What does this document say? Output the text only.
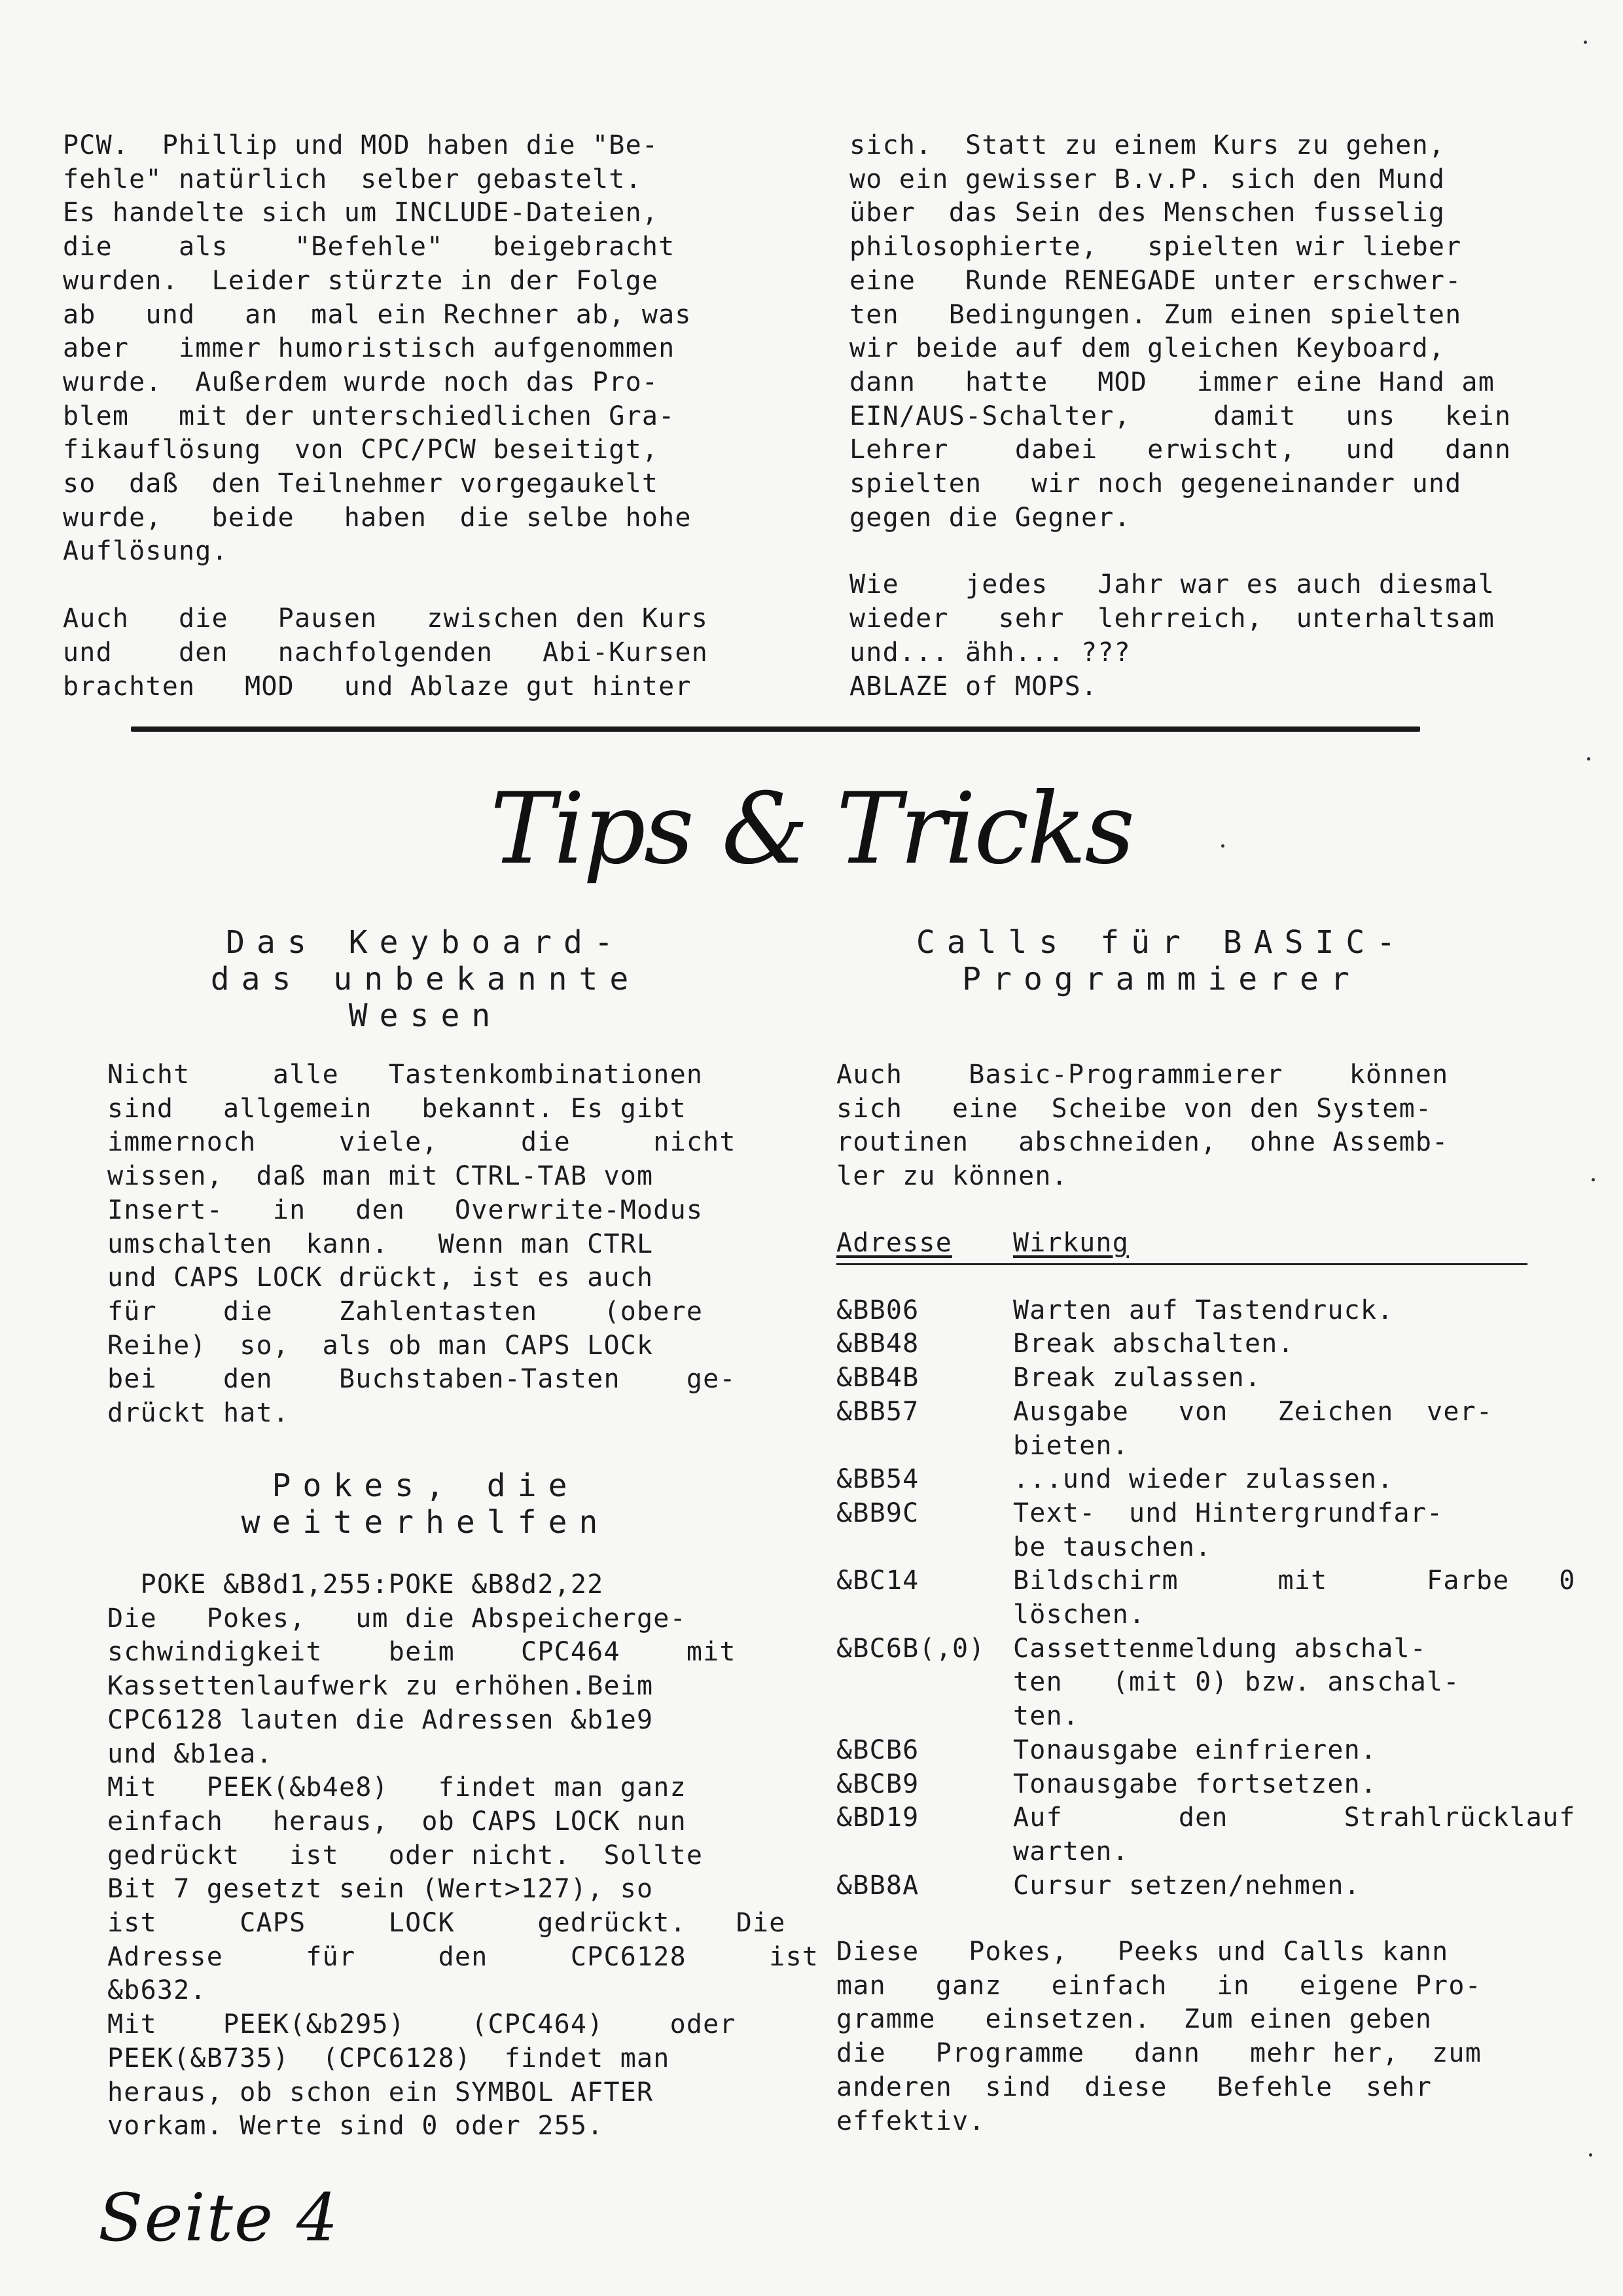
PCW.  Phillip und MOD haben die "Be-

fehle" natürlich  selber gebastelt.

Es handelte sich um INCLUDE-Dateien,

die    als    "Befehle"   beigebracht

wurden.  Leider stürzte in der Folge

ab   und   an  mal ein Rechner ab, was

aber   immer humoristisch aufgenommen

wurde.  Außerdem wurde noch das Pro-

blem   mit der unterschiedlichen Gra-

fikauflösung  von CPC/PCW beseitigt,

so  daß  den Teilnehmer vorgegaukelt

wurde,   beide   haben  die selbe hohe

Auflösung.

Auch   die   Pausen   zwischen den Kurs

und    den   nachfolgenden   Abi-Kursen

brachten   MOD   und Ablaze gut hinter

sich.  Statt zu einem Kurs zu gehen,

wo ein gewisser B.v.P. sich den Mund

über  das Sein des Menschen fusselig

philosophierte,   spielten wir lieber

eine   Runde RENEGADE unter erschwer-

ten   Bedingungen. Zum einen spielten

wir beide auf dem gleichen Keyboard,

dann   hatte   MOD   immer eine Hand am

EIN/AUS-Schalter,     damit   uns   kein

Lehrer    dabei   erwischt,   und   dann

spielten   wir noch gegeneinander und

gegen die Gegner.

Wie    jedes   Jahr war es auch diesmal

wieder   sehr  lehrreich,  unterhaltsam

und... ähh... ???

ABLAZE of MOPS.

Tips & Tricks

Das Keyboard-

das unbekannte

Wesen

Nicht     alle   Tastenkombinationen

sind   allgemein   bekannt. Es gibt

immernoch     viele,     die     nicht

wissen,  daß man mit CTRL-TAB vom

Insert-   in   den   Overwrite-Modus

umschalten  kann.   Wenn man CTRL

und CAPS LOCK drückt, ist es auch

für    die    Zahlentasten    (obere

Reihe)  so,  als ob man CAPS LOCk

bei    den    Buchstaben-Tasten    ge-

drückt hat.

Pokes, die

weiterhelfen

POKE &B8d1,255:POKE &B8d2,22

Die   Pokes,   um die Abspeicherge-

schwindigkeit    beim    CPC464    mit

Kassettenlaufwerk zu erhöhen.Beim

CPC6128 lauten die Adressen &b1e9

und &b1ea.

Mit   PEEK(&b4e8)   findet man ganz

einfach   heraus,  ob CAPS LOCK nun

gedrückt   ist   oder nicht.  Sollte

Bit 7 gesetzt sein (Wert>127), so

ist     CAPS     LOCK     gedrückt.   Die

Adresse     für     den     CPC6128     ist

&b632.

Mit    PEEK(&b295)    (CPC464)    oder

PEEK(&B735)  (CPC6128)  findet man

heraus, ob schon ein SYMBOL AFTER

vorkam. Werte sind 0 oder 255.

Calls für BASIC-

Programmierer

Auch    Basic-Programmierer    können

sich   eine  Scheibe von den System-

routinen   abschneiden,  ohne Assemb-

ler zu können.

Adresse	Wirkung
&BB06	Warten auf Tastendruck.
&BB48	Break abschalten.
&BB4B	Break zulassen.
&BB57	Ausgabe   von   Zeichen  ver-
bieten.
&BB54	...und wieder zulassen.
&BB9C	Text-  und Hintergrundfar-
be tauschen.
&BC14	Bildschirm      mit      Farbe   0
löschen.
&BC6B(,0)	Cassettenmeldung abschal-
ten   (mit 0) bzw. anschal-
ten.
&BCB6	Tonausgabe einfrieren.
&BCB9	Tonausgabe fortsetzen.
&BD19	Auf       den       Strahlrücklauf
warten.
&BB8A	Cursur setzen/nehmen.

Diese   Pokes,   Peeks und Calls kann

man   ganz   einfach   in   eigene Pro-

gramme   einsetzen.  Zum einen geben

die   Programme   dann   mehr her,  zum

anderen  sind  diese   Befehle  sehr

effektiv.

Seite 4
